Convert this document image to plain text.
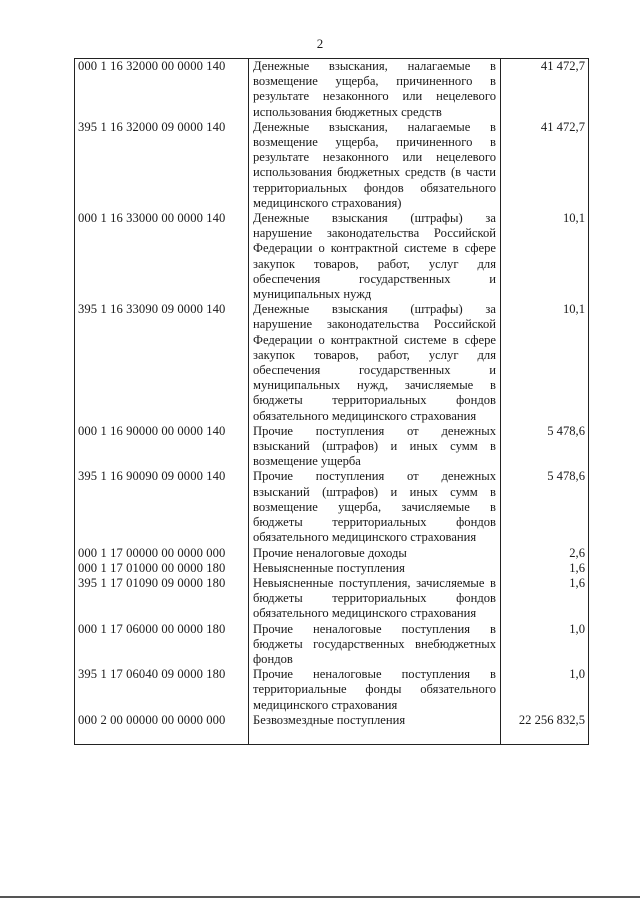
2
000 1 16 32000 00 0000 140	Денежные взыскания, налагаемые в возмещение ущерба, причиненного в результате незаконного или нецелевого использования бюджетных средств	41 472,7
395 1 16 32000 09 0000 140	Денежные взыскания, налагаемые в возмещение ущерба, причиненного в результате незаконного или нецелевого использования бюджетных средств (в части территориальных фондов обязательного медицинского страхования)	41 472,7
000 1 16 33000 00 0000 140	Денежные взыскания (штрафы) за нарушение законодательства Российской Федерации о контрактной системе в сфере закупок товаров, работ, услуг для обеспечения государственных и муниципальных нужд	10,1
395 1 16 33090 09 0000 140	Денежные взыскания (штрафы) за нарушение законодательства Российской Федерации о контрактной системе в сфере закупок товаров, работ, услуг для обеспечения государственных и муниципальных нужд, зачисляемые в бюджеты территориальных фондов обязательного медицинского страхования	10,1
000 1 16 90000 00 0000 140	Прочие поступления от денежных взысканий (штрафов) и иных сумм в возмещение ущерба	5 478,6
395 1 16 90090 09 0000 140	Прочие поступления от денежных взысканий (штрафов) и иных сумм в возмещение ущерба, зачисляемые в бюджеты территориальных фондов обязательного медицинского страхования	5 478,6
000 1 17 00000 00 0000 000	Прочие неналоговые доходы	2,6
000 1 17 01000 00 0000 180	Невыясненные поступления	1,6
395 1 17 01090 09 0000 180	Невыясненные поступления, зачисляемые в бюджеты территориальных фондов обязательного медицинского страхования	1,6
000 1 17 06000 00 0000 180	Прочие неналоговые поступления в бюджеты государственных внебюджетных фондов	1,0
395 1 17 06040 09 0000 180	Прочие неналоговые поступления в территориальные фонды обязательного медицинского страхования	1,0
000 2 00 00000 00 0000 000	Безвозмездные поступления	22 256 832,5
